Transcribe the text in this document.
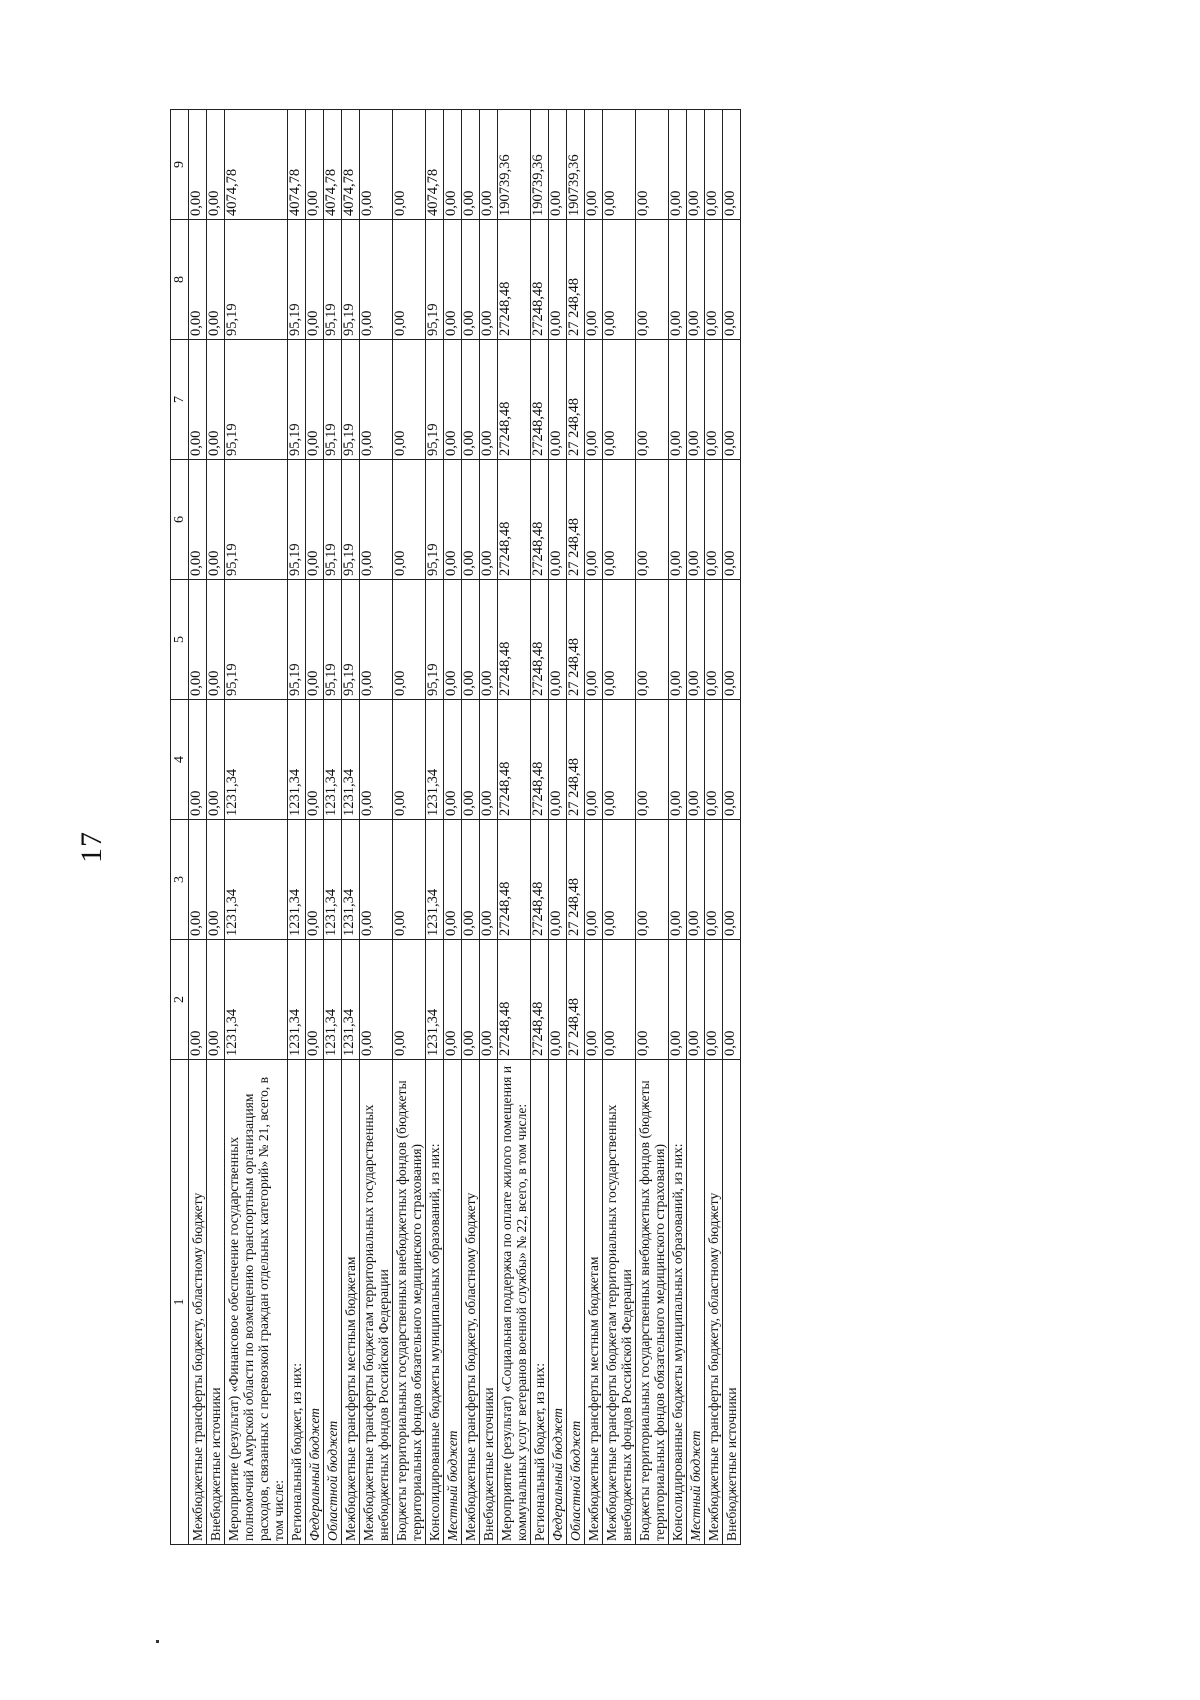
17
1	2	3	4	5	6	7	8	9
Межбюджетные трансферты бюджету, областному бюджету	0,00	0,00	0,00	0,00	0,00	0,00	0,00	0,00
Внебюджетные источники	0,00	0,00	0,00	0,00	0,00	0,00	0,00	0,00
Мероприятие (результат) «Финансовое обеспечение государственных полномочий Амурской области по возмещению транспортным организациям расходов, связанных с перевозкой граждан отдельных категорий» № 21, всего, в том числе:	1231,34	1231,34	1231,34	95,19	95,19	95,19	95,19	4074,78
Региональный бюджет, из них:	1231,34	1231,34	1231,34	95,19	95,19	95,19	95,19	4074,78
Федеральный бюджет	0,00	0,00	0,00	0,00	0,00	0,00	0,00	0,00
Областной бюджет	1231,34	1231,34	1231,34	95,19	95,19	95,19	95,19	4074,78
Межбюджетные трансферты местным бюджетам	1231,34	1231,34	1231,34	95,19	95,19	95,19	95,19	4074,78
Межбюджетные трансферты бюджетам территориальных государственных внебюджетных фондов Российской Федерации	0,00	0,00	0,00	0,00	0,00	0,00	0,00	0,00
Бюджеты территориальных государственных внебюджетных фондов (бюджеты территориальных фондов обязательного медицинского страхования)	0,00	0,00	0,00	0,00	0,00	0,00	0,00	0,00
Консолидированные бюджеты муниципальных образований, из них:	1231,34	1231,34	1231,34	95,19	95,19	95,19	95,19	4074,78
Местный бюджет	0,00	0,00	0,00	0,00	0,00	0,00	0,00	0,00
Межбюджетные трансферты бюджету, областному бюджету	0,00	0,00	0,00	0,00	0,00	0,00	0,00	0,00
Внебюджетные источники	0,00	0,00	0,00	0,00	0,00	0,00	0,00	0,00
Мероприятие (результат) «Социальная поддержка по оплате жилого помещения и коммунальных услуг ветеранов военной службы» № 22, всего, в том числе:	27248,48	27248,48	27248,48	27248,48	27248,48	27248,48	27248,48	190739,36
Региональный бюджет, из них:	27248,48	27248,48	27248,48	27248,48	27248,48	27248,48	27248,48	190739,36
Федеральный бюджет	0,00	0,00	0,00	0,00	0,00	0,00	0,00	0,00
Областной бюджет	27 248,48	27 248,48	27 248,48	27 248,48	27 248,48	27 248,48	27 248,48	190739,36
Межбюджетные трансферты местным бюджетам	0,00	0,00	0,00	0,00	0,00	0,00	0,00	0,00
Межбюджетные трансферты бюджетам территориальных государственных внебюджетных фондов Российской Федерации	0,00	0,00	0,00	0,00	0,00	0,00	0,00	0,00
Бюджеты территориальных государственных внебюджетных фондов (бюджеты территориальных фондов обязательного медицинского страхования)	0,00	0,00	0,00	0,00	0,00	0,00	0,00	0,00
Консолидированные бюджеты муниципальных образований, из них:	0,00	0,00	0,00	0,00	0,00	0,00	0,00	0,00
Местный бюджет	0,00	0,00	0,00	0,00	0,00	0,00	0,00	0,00
Межбюджетные трансферты бюджету, областному бюджету	0,00	0,00	0,00	0,00	0,00	0,00	0,00	0,00
Внебюджетные источники	0,00	0,00	0,00	0,00	0,00	0,00	0,00	0,00
